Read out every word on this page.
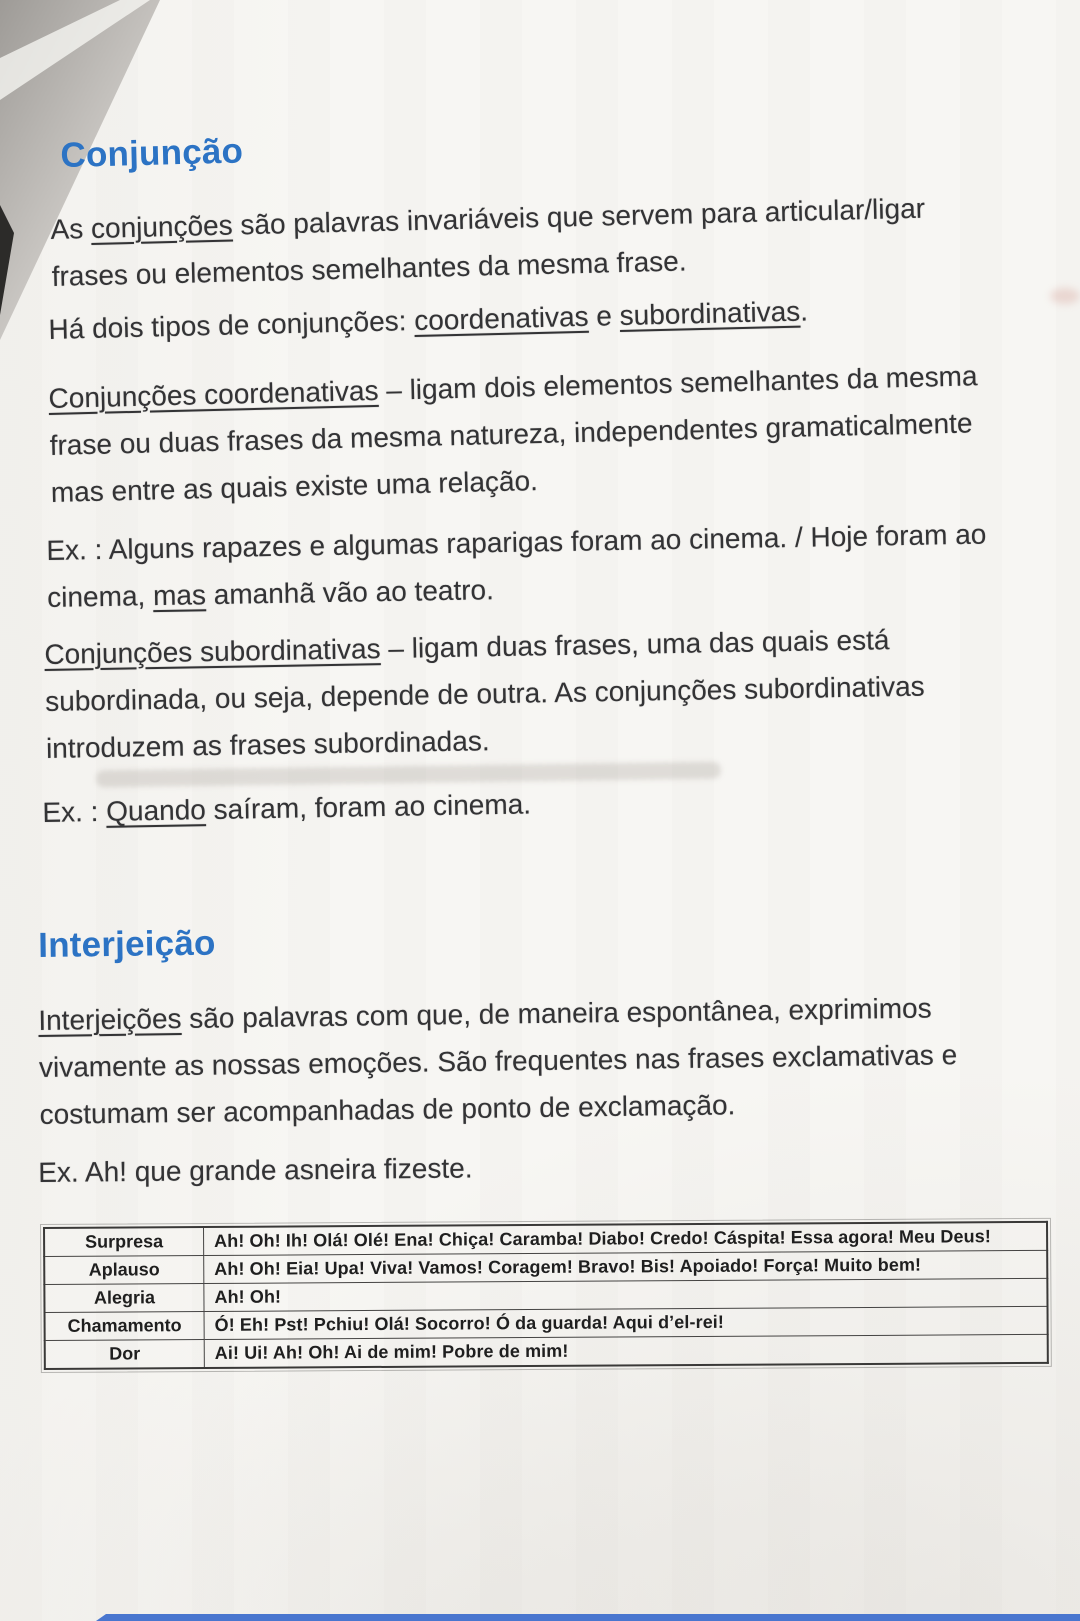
Conjunção

As conjunções são palavras invariáveis que servem para articular/ligar
frases ou elementos semelhantes da mesma frase.

Há dois tipos de conjunções: coordenativas e subordinativas.

Conjunções coordenativas – ligam dois elementos semelhantes da mesma
frase ou duas frases da mesma natureza, independentes gramaticalmente
mas entre as quais existe uma relação.

Ex. : Alguns rapazes e algumas raparigas foram ao cinema. / Hoje foram ao
cinema, mas amanhã vão ao teatro.

Conjunções subordinativas – ligam duas frases, uma das quais está
subordinada, ou seja, depende de outra. As conjunções subordinativas
introduzem as frases subordinadas.

Ex. : Quando saíram, foram ao cinema.

Interjeição

Interjeições são palavras com que, de maneira espontânea, exprimimos
vivamente as nossas emoções. São frequentes nas frases exclamativas e
costumam ser acompanhadas de ponto de exclamação.

Ex. Ah! que grande asneira fizeste.

Surpresa	Ah! Oh! Ih! Olá! Olé! Ena! Chiça! Caramba! Diabo! Credo! Cáspita! Essa agora! Meu Deus!
Aplauso	Ah! Oh! Eia! Upa! Viva! Vamos! Coragem! Bravo! Bis! Apoiado! Força! Muito bem!
Alegria	Ah! Oh!
Chamamento	Ó! Eh! Pst! Pchiu! Olá! Socorro! Ó da guarda! Aqui d’el-rei!
Dor	Ai! Ui! Ah! Oh! Ai de mim! Pobre de mim!
